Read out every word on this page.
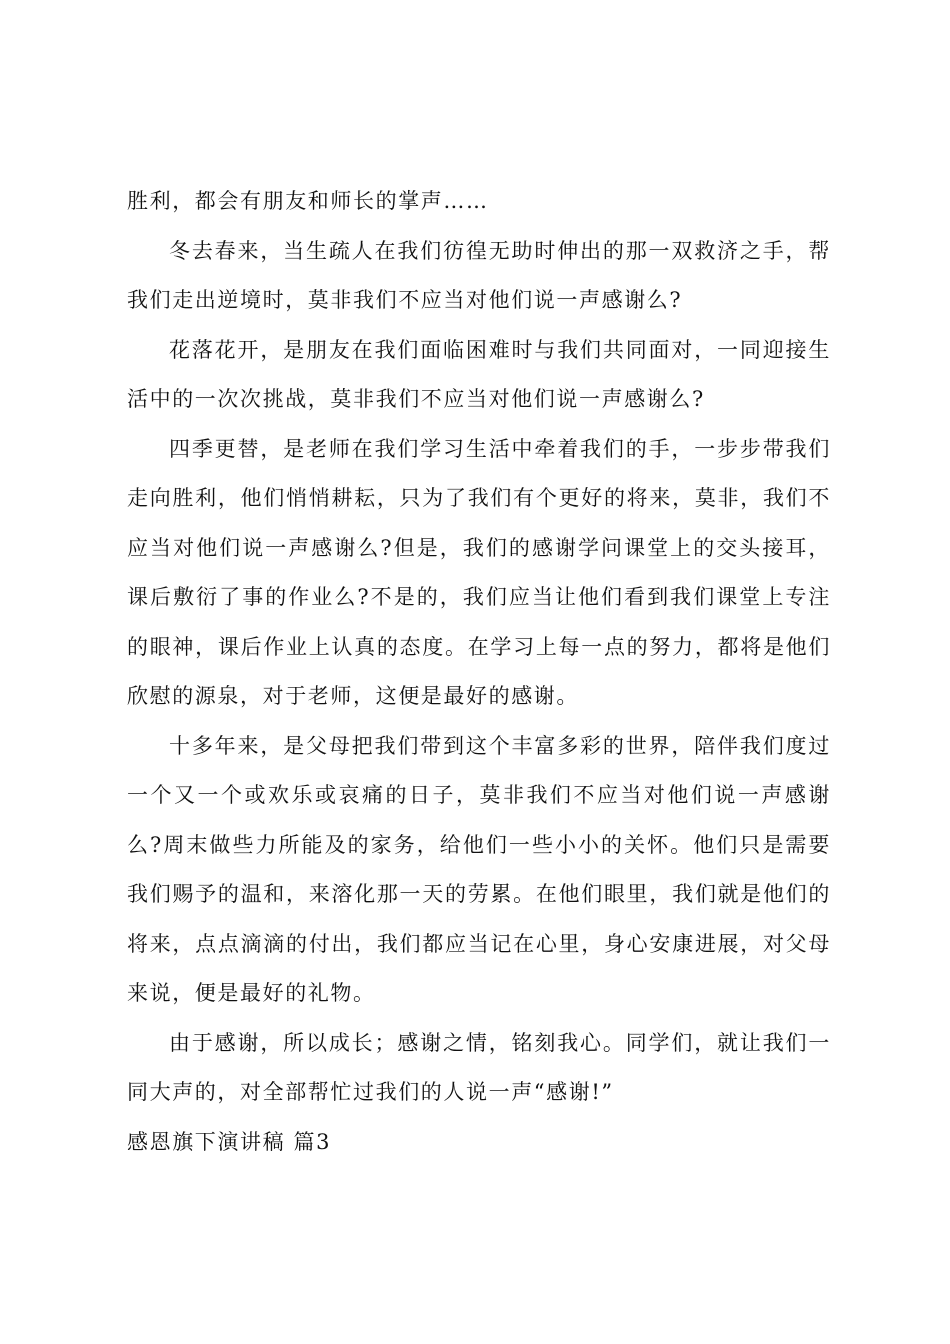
胜利，都会有朋友和师长的掌声……

冬去春来，当生疏人在我们彷徨无助时伸出的那一双救济之手，帮我们走出逆境时，莫非我们不应当对他们说一声感谢么?

花落花开，是朋友在我们面临困难时与我们共同面对，一同迎接生活中的一次次挑战，莫非我们不应当对他们说一声感谢么?

四季更替，是老师在我们学习生活中牵着我们的手，一步步带我们走向胜利，他们悄悄耕耘，只为了我们有个更好的将来，莫非，我们不应当对他们说一声感谢么?但是，我们的感谢学问课堂上的交头接耳，课后敷衍了事的作业么?不是的，我们应当让他们看到我们课堂上专注的眼神，课后作业上认真的态度。在学习上每一点的努力，都将是他们欣慰的源泉，对于老师，这便是最好的感谢。

十多年来，是父母把我们带到这个丰富多彩的世界，陪伴我们度过一个又一个或欢乐或哀痛的日子，莫非我们不应当对他们说一声感谢么?周末做些力所能及的家务，给他们一些小小的关怀。他们只是需要我们赐予的温和，来溶化那一天的劳累。在他们眼里，我们就是他们的将来，点点滴滴的付出，我们都应当记在心里，身心安康进展，对父母来说，便是最好的礼物。

由于感谢，所以成长；感谢之情，铭刻我心。同学们，就让我们一同大声的，对全部帮忙过我们的人说一声“感谢!”

感恩旗下演讲稿 篇3
